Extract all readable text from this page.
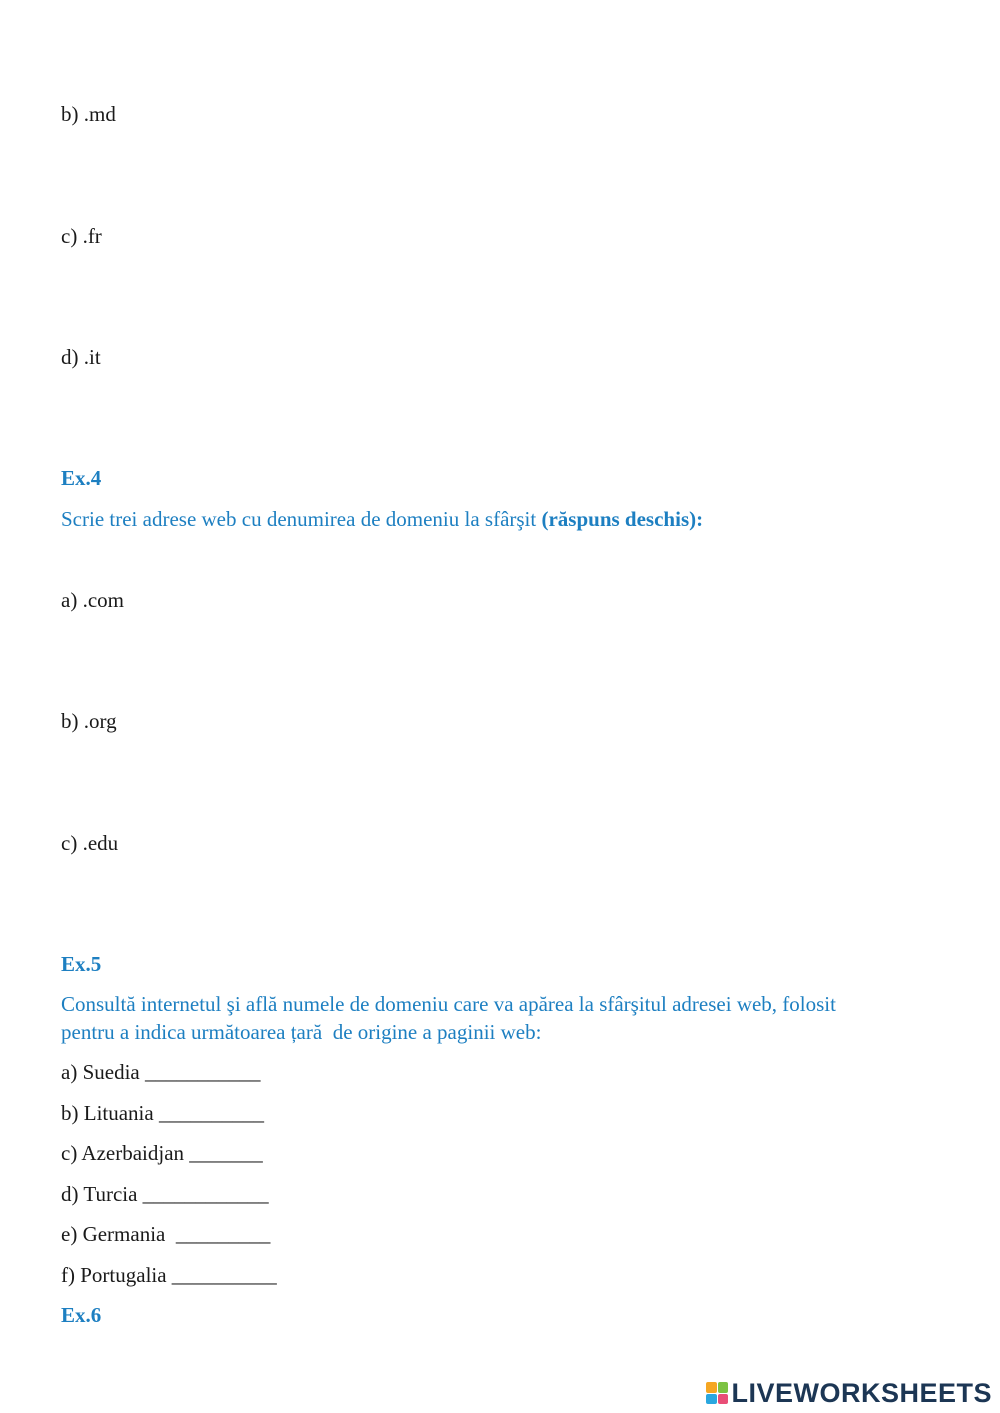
b) .md
c) .fr
d) .it
Ex.4
Scrie trei adrese web cu denumirea de domeniu la sfârşit (răspuns deschis):
a) .com
b) .org
c) .edu
Ex.5
Consultă internetul şi află numele de domeniu care va apărea la sfârşitul adresei web, folosit
pentru a indica următoarea țară  de origine a paginii web:
a) Suedia ___________
b) Lituania __________
c) Azerbaidjan _______
d) Turcia ____________
e) Germania  _________
f) Portugalia __________
Ex.6
LIVEWORKSHEETS
